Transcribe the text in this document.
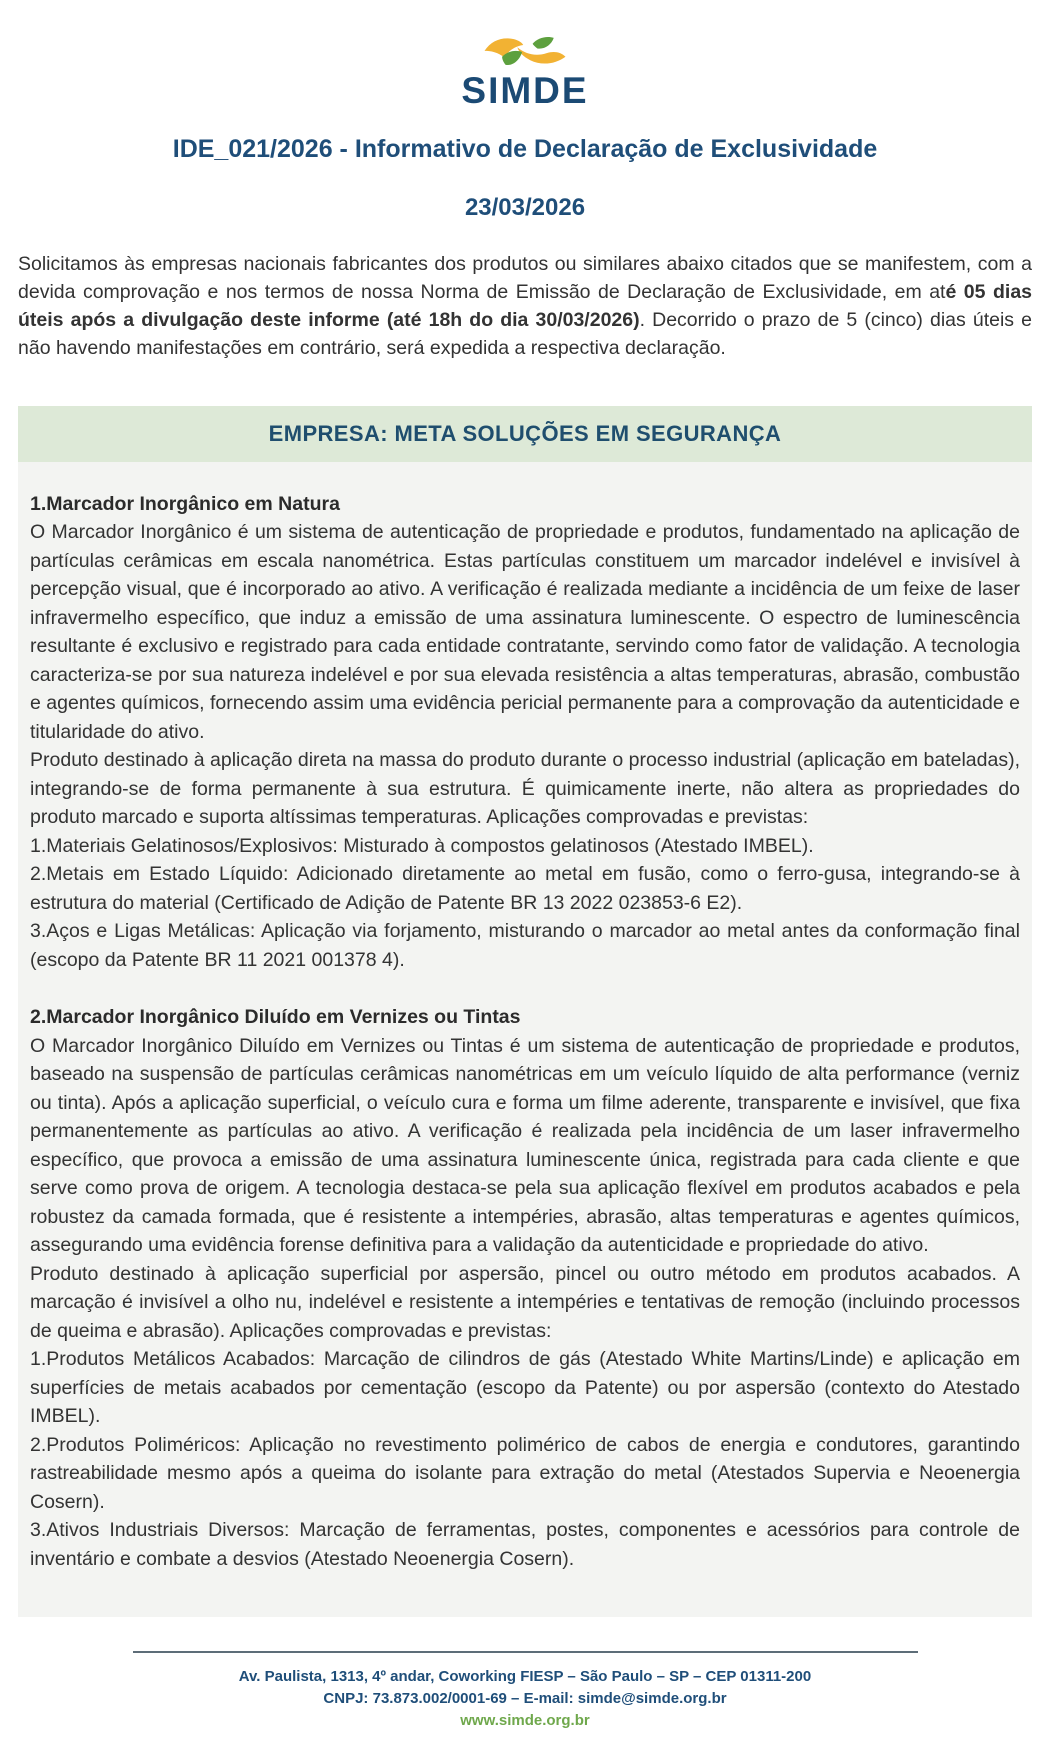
SIMDE
IDE_021/2026 - Informativo de Declaração de Exclusividade
23/03/2026

Solicitamos às empresas nacionais fabricantes dos produtos ou similares abaixo citados que se manifestem, com a devida comprovação e nos termos de nossa Norma de Emissão de Declaração de Exclusividade, em até 05 dias úteis após a divulgação deste informe (até 18h do dia 30/03/2026). Decorrido o prazo de 5 (cinco) dias úteis e não havendo manifestações em contrário, será expedida a respectiva declaração.

EMPRESA: META SOLUÇÕES EM SEGURANÇA

1.Marcador Inorgânico em Natura

O Marcador Inorgânico é um sistema de autenticação de propriedade e produtos, fundamentado na aplicação de partículas cerâmicas em escala nanométrica. Estas partículas constituem um marcador indelével e invisível à percepção visual, que é incorporado ao ativo. A verificação é realizada mediante a incidência de um feixe de laser infravermelho específico, que induz a emissão de uma assinatura luminescente. O espectro de luminescência resultante é exclusivo e registrado para cada entidade contratante, servindo como fator de validação. A tecnologia caracteriza-se por sua natureza indelével e por sua elevada resistência a altas temperaturas, abrasão, combustão e agentes químicos, fornecendo assim uma evidência pericial permanente para a comprovação da autenticidade e titularidade do ativo.

Produto destinado à aplicação direta na massa do produto durante o processo industrial (aplicação em bateladas), integrando-se de forma permanente à sua estrutura. É quimicamente inerte, não altera as propriedades do produto marcado e suporta altíssimas temperaturas. Aplicações comprovadas e previstas:

1.Materiais Gelatinosos/Explosivos: Misturado à compostos gelatinosos (Atestado IMBEL).

2.Metais em Estado Líquido: Adicionado diretamente ao metal em fusão, como o ferro-gusa, integrando-se à estrutura do material (Certificado de Adição de Patente BR 13 2022 023853-6 E2).

3.Aços e Ligas Metálicas: Aplicação via forjamento, misturando o marcador ao metal antes da conformação final (escopo da Patente BR 11 2021 001378 4).

2.Marcador Inorgânico Diluído em Vernizes ou Tintas

O Marcador Inorgânico Diluído em Vernizes ou Tintas é um sistema de autenticação de propriedade e produtos, baseado na suspensão de partículas cerâmicas nanométricas em um veículo líquido de alta performance (verniz ou tinta). Após a aplicação superficial, o veículo cura e forma um filme aderente, transparente e invisível, que fixa permanentemente as partículas ao ativo. A verificação é realizada pela incidência de um laser infravermelho específico, que provoca a emissão de uma assinatura luminescente única, registrada para cada cliente e que serve como prova de origem. A tecnologia destaca-se pela sua aplicação flexível em produtos acabados e pela robustez da camada formada, que é resistente a intempéries, abrasão, altas temperaturas e agentes químicos, assegurando uma evidência forense definitiva para a validação da autenticidade e propriedade do ativo.

Produto destinado à aplicação superficial por aspersão, pincel ou outro método em produtos acabados. A marcação é invisível a olho nu, indelével e resistente a intempéries e tentativas de remoção (incluindo processos de queima e abrasão). Aplicações comprovadas e previstas:

1.Produtos Metálicos Acabados: Marcação de cilindros de gás (Atestado White Martins/Linde) e aplicação em superfícies de metais acabados por cementação (escopo da Patente) ou por aspersão (contexto do Atestado IMBEL).

2.Produtos Poliméricos: Aplicação no revestimento polimérico de cabos de energia e condutores, garantindo rastreabilidade mesmo após a queima do isolante para extração do metal (Atestados Supervia e Neoenergia Cosern).

3.Ativos Industriais Diversos: Marcação de ferramentas, postes, componentes e acessórios para controle de inventário e combate a desvios (Atestado Neoenergia Cosern).

Av. Paulista, 1313, 4º andar, Coworking FIESP – São Paulo – SP – CEP 01311-200
CNPJ: 73.873.002/0001-69 – E-mail: simde@simde.org.br
www.simde.org.br
